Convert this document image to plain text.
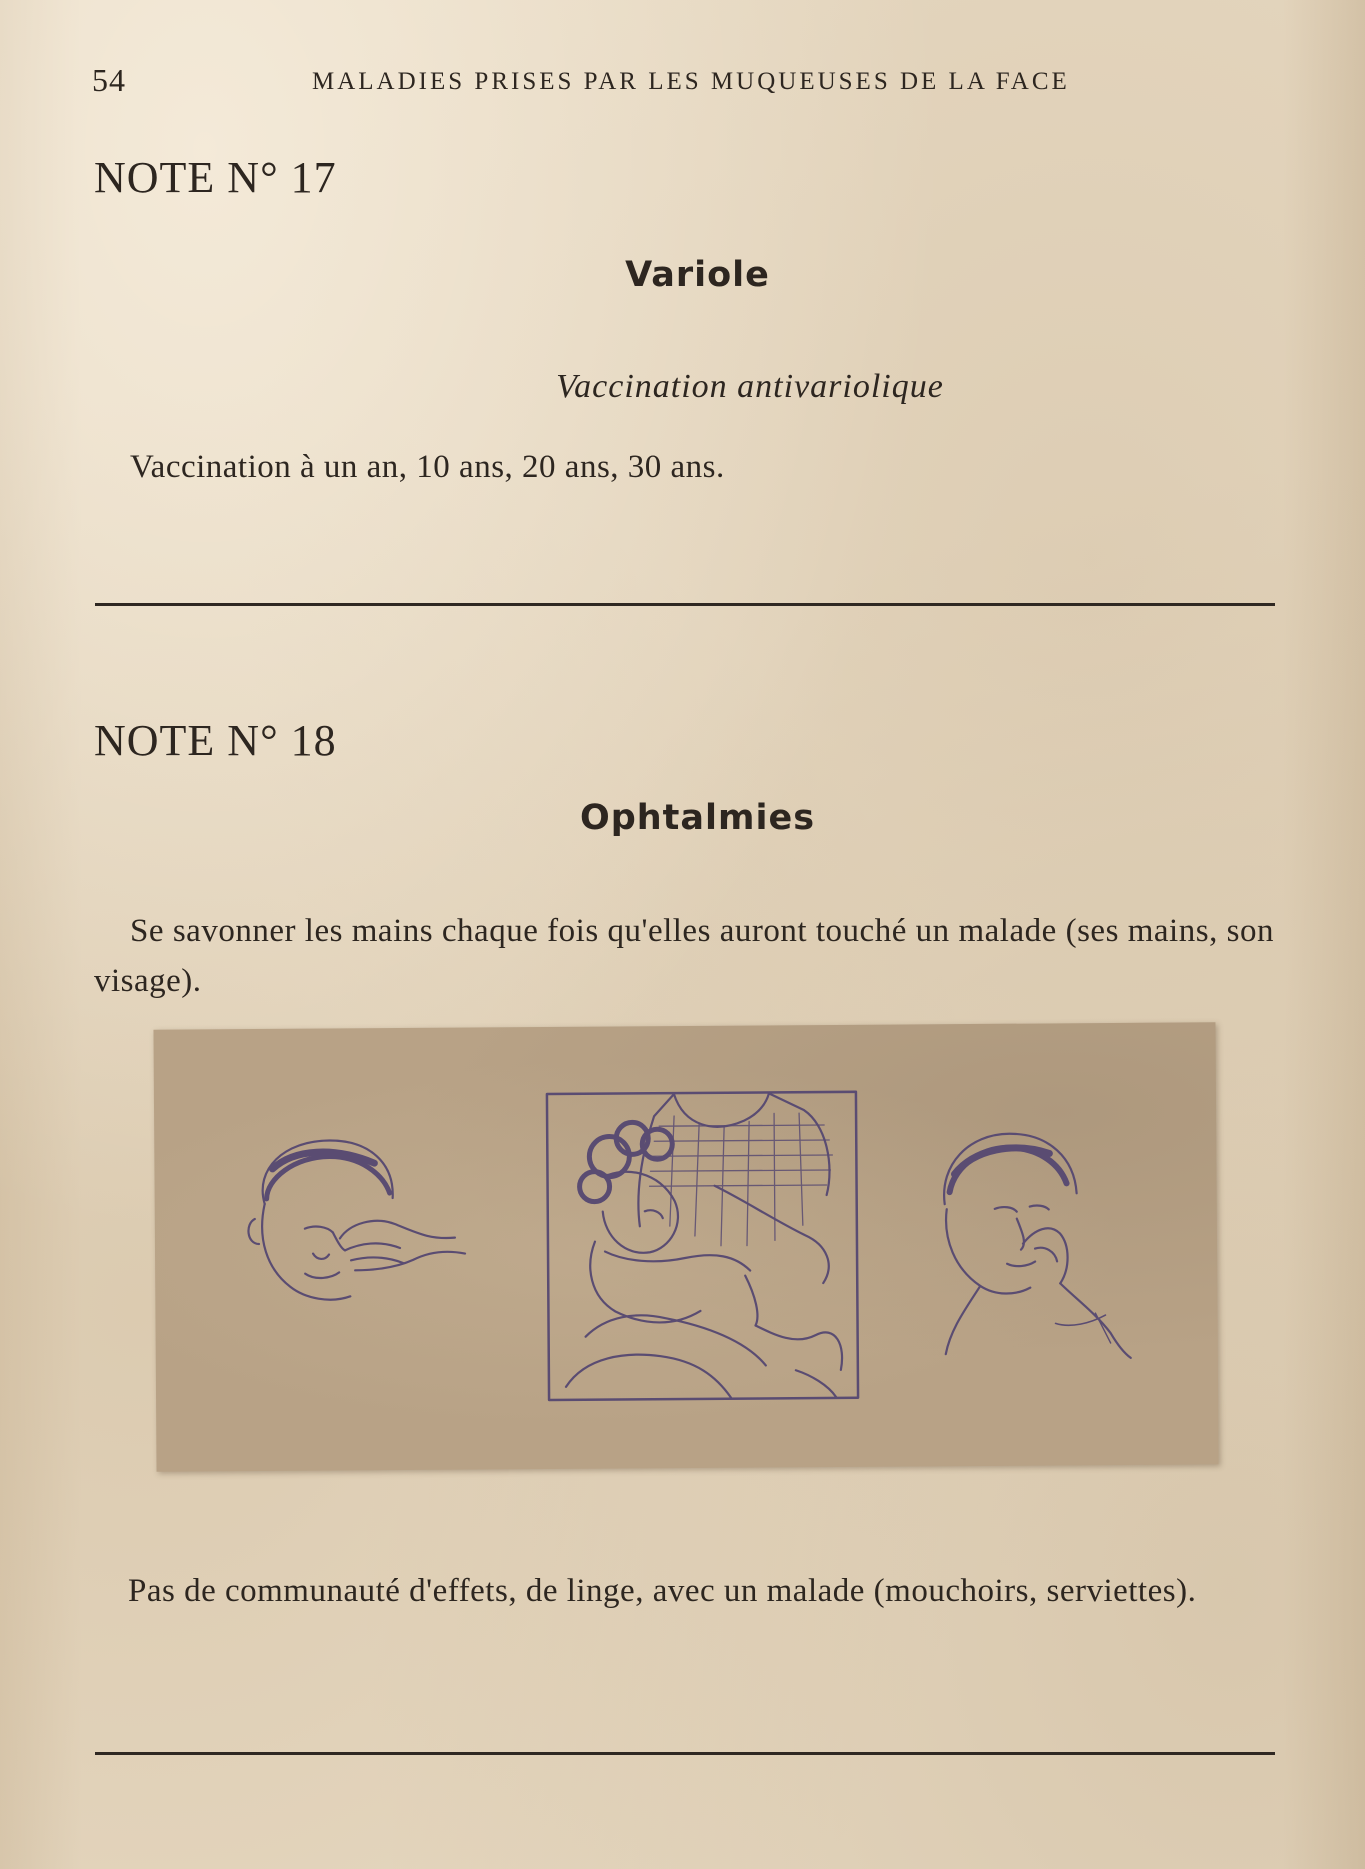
54	MALADIES PRISES PAR LES MUQUEUSES DE LA FACE
NOTE N° 17
Variole
Vaccination antivariolique
Vaccination à un an, 10 ans, 20 ans, 30 ans.
NOTE N° 18
Ophtalmies
Se savonner les mains chaque fois qu'elles auront touché un malade (ses mains, son visage).
Pas de communauté d'effets, de linge, avec un malade (mouchoirs, serviettes).
